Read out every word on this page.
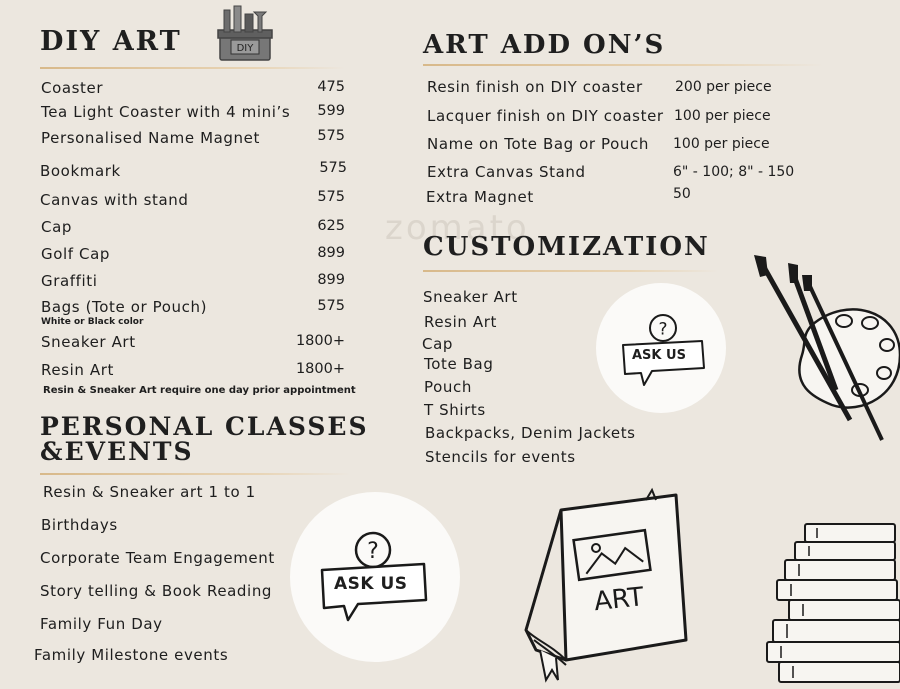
DIY ART	DIY
Coaster	475
Tea Light Coaster with 4 mini’s 599
Personalised Name Magnet	575
Bookmark	575
Canvas with stand	575
Cap	625
Golf Cap	899
Graffiti	899
Bags (Tote or Pouch)	575
White or Black color
Sneaker Art	1800+
Resin Art	1800+
Resin & Sneaker Art require one day prior appointment
PERSONAL CLASSES
&EVENTS
Resin & Sneaker art 1 to 1
Birthdays
Corporate Team Engagement
Story telling & Book Reading
Family Fun Day
Family Milestone events
?
ASK US
ART ADD ON’S
Resin finish on DIY coaster 200 per piece
Lacquer finish on DIY coaster 100 per piece
Name on Tote Bag or Pouch 100 per piece
Extra Canvas Stand	6" - 100; 8" - 150
Extra Magnet	50
zomato
CUSTOMIZATION
Sneaker Art
Resin Art
Cap
Tote Bag
Pouch
T Shirts
Backpacks, Denim Jackets
Stencils for events
?
ASK US
ART
